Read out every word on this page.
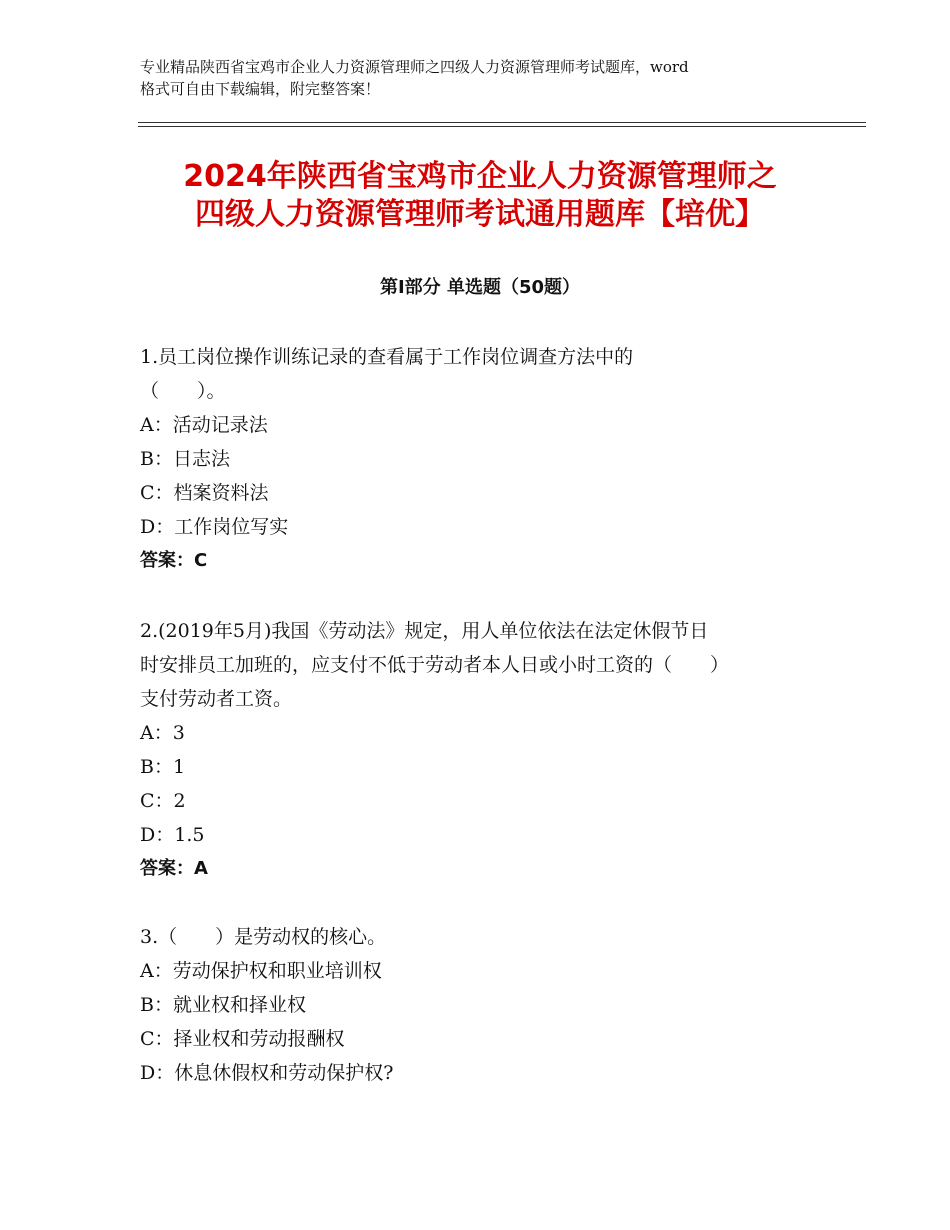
专业精品陕西省宝鸡市企业人力资源管理师之四级人力资源管理师考试题库，word
格式可自由下载编辑，附完整答案！
2024年陕西省宝鸡市企业人力资源管理师之
四级人力资源管理师考试通用题库【培优】
第Ⅰ部分 单选题（50题）

1.员工岗位操作训练记录的查看属于工作岗位调查方法中的

（　　）。

A：活动记录法

B：日志法

C：档案资料法

D：工作岗位写实

答案：C

2.(2019年5月)我国《劳动法》规定，用人单位依法在法定休假节日

时安排员工加班的，应支付不低于劳动者本人日或小时工资的（　　）

支付劳动者工资。

A：3

B：1

C：2

D：1.5

答案：A

3.（　　）是劳动权的核心。

A：劳动保护权和职业培训权

B：就业权和择业权

C：择业权和劳动报酬权

D：休息休假权和劳动保护权?
